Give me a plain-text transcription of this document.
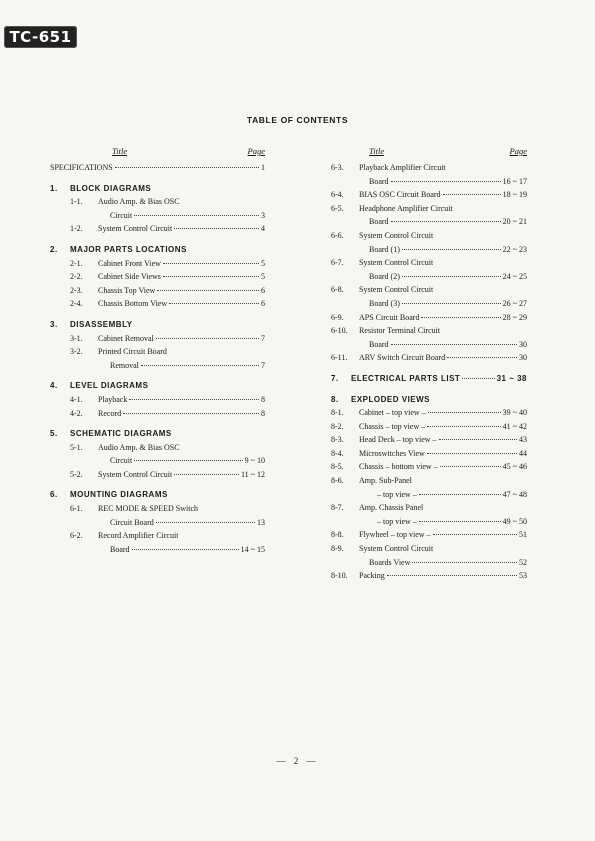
TC-651
TABLE OF CONTENTS
Title	Page
SPECIFICATIONS	1
1.	BLOCK DIAGRAMS
1-1.	Audio Amp. & Bias OSC
Circuit	3
1-2.	System Control Circuit	4
2.	MAJOR PARTS LOCATIONS
2-1.	Cabinet Front View	5
2-2.	Cabinet Side Views	5
2-3.	Chassis Top View	6
2-4.	Chassis Bottom View	6
3.	DISASSEMBLY
3-1.	Cabinet Removal	7
3-2.	Printed Circuit Board
Removal	7
4.	LEVEL DIAGRAMS
4-1.	Playback	8
4-2.	Record	8
5.	SCHEMATIC DIAGRAMS
5-1.	Audio Amp. & Bias OSC
Circuit	9 ~ 10
5-2.	System Control Circuit	11 ~ 12
6.	MOUNTING DIAGRAMS
6-1.	REC MODE & SPEED Switch
Circuit Board	13
6-2.	Record Amplifier Circuit
Board	14 ~ 15
Title	Page
6-3.	Playback Amplifier Circuit
Board	16 ~ 17
6-4.	BIAS OSC Circuit Board	18 ~ 19
6-5.	Headphone Amplifier Circuit
Board	20 ~ 21
6-6.	System Control Circuit
Board (1)	22 ~ 23
6-7.	System Control Circuit
Board (2)	24 ~ 25
6-8.	System Control Circuit
Board (3)	26 ~ 27
6-9.	APS Circuit Board	28 ~ 29
6-10.	Resistor Terminal Circuit
Board	30
6-11.	ARV Switch Circuit Board	30
7.	ELECTRICAL PARTS LIST	31 ~ 38
8.	EXPLODED VIEWS
8-1.	Cabinet – top view –	39 ~ 40
8-2.	Chassis – top view –	41 ~ 42
8-3.	Head Deck – top view –	43
8-4.	Microswitches View	44
8-5.	Chassis – bottom view –	45 ~ 46
8-6.	Amp. Sub-Panel
– top view –	47 ~ 48
8-7.	Amp. Chassis Panel
– top view –	49 ~ 50
8-8.	Flywheel – top view –	51
8-9.	System Control Circuit
Boards View	52
8-10.	Packing	53
— 2 —
